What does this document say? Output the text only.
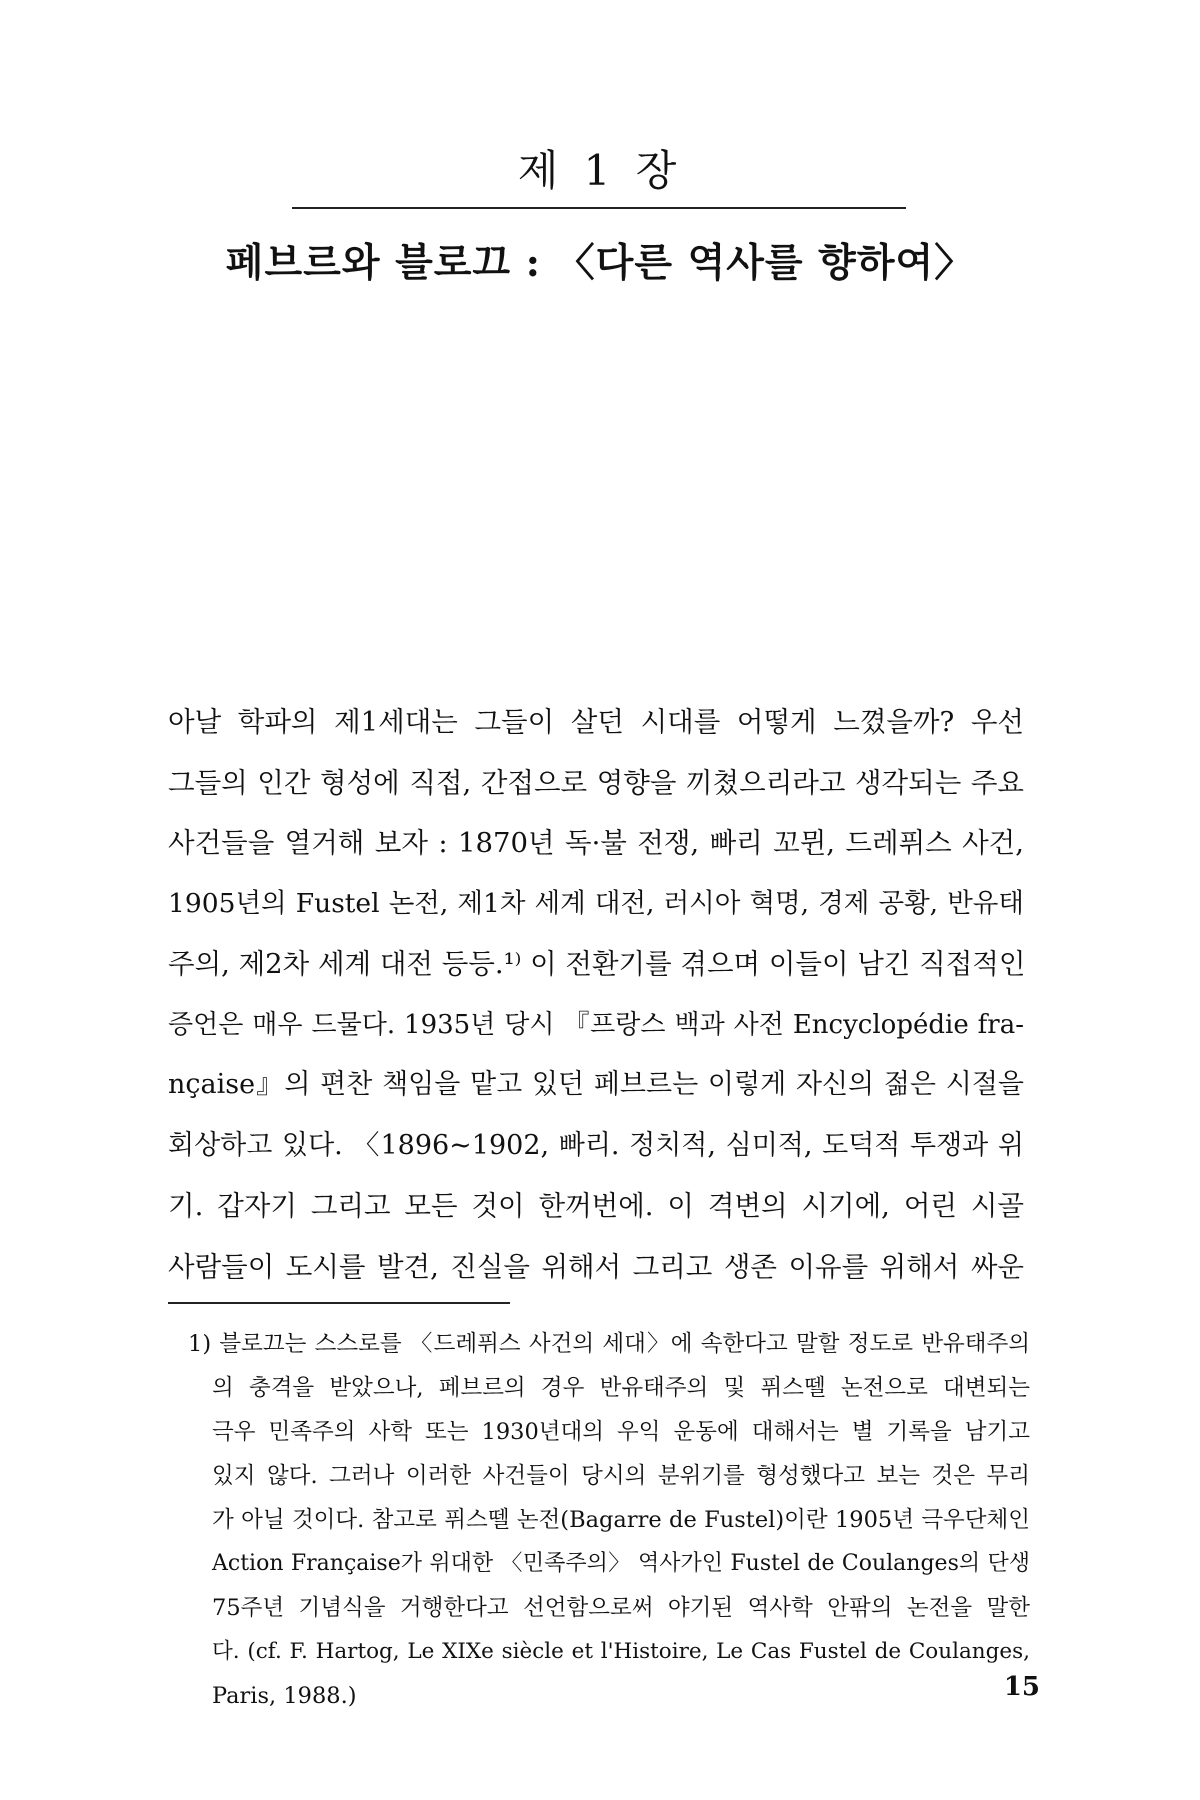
제 1 장
페브르와 블로끄 : 〈다른 역사를 향하여〉
아날 학파의 제1세대는 그들이 살던 시대를 어떻게 느꼈을까? 우선
그들의 인간 형성에 직접, 간접으로 영향을 끼쳤으리라고 생각되는 주요
사건들을 열거해 보자 : 1870년 독·불 전쟁, 빠리 꼬뮌, 드레퓌스 사건,
1905년의 Fustel 논전, 제1차 세계 대전, 러시아 혁명, 경제 공황, 반유태
주의, 제2차 세계 대전 등등.¹⁾ 이 전환기를 겪으며 이들이 남긴 직접적인
증언은 매우 드물다. 1935년 당시 『프랑스 백과 사전 Encyclopédie fra-
nçaise』의 편찬 책임을 맡고 있던 페브르는 이렇게 자신의 젊은 시절을
회상하고 있다. 〈1896~1902, 빠리. 정치적, 심미적, 도덕적 투쟁과 위
기. 갑자기 그리고 모든 것이 한꺼번에. 이 격변의 시기에, 어린 시골
사람들이 도시를 발견, 진실을 위해서 그리고 생존 이유를 위해서 싸운
1) 블로끄는 스스로를 〈드레퓌스 사건의 세대〉에 속한다고 말할 정도로 반유태주의
의 충격을 받았으나, 페브르의 경우 반유태주의 및 퓌스뗄 논전으로 대변되는
극우 민족주의 사학 또는 1930년대의 우익 운동에 대해서는 별 기록을 남기고
있지 않다. 그러나 이러한 사건들이 당시의 분위기를 형성했다고 보는 것은 무리
가 아닐 것이다. 참고로 퓌스뗄 논전(Bagarre de Fustel)이란 1905년 극우단체인
Action Française가 위대한 〈민족주의〉 역사가인 Fustel de Coulanges의 단생
75주년 기념식을 거행한다고 선언함으로써 야기된 역사학 안팎의 논전을 말한
다. (cf. F. Hartog, Le XIXe siècle et l'Histoire, Le Cas Fustel de Coulanges,
Paris, 1988.)	15
